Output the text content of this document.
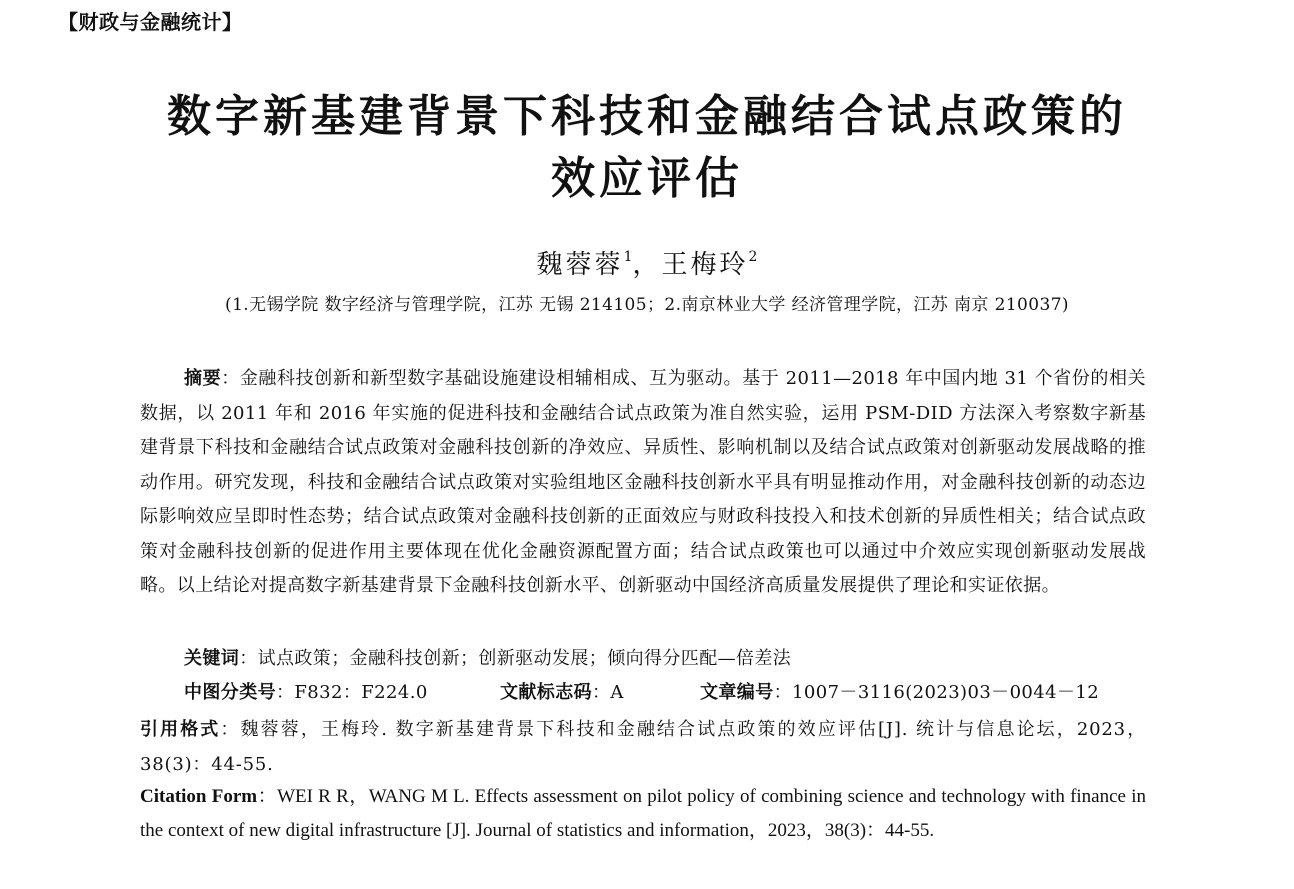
【财政与金融统计】
数字新基建背景下科技和金融结合试点政策的
效应评估
魏蓉蓉$^1$，王梅玲$^2$
(1.无锡学院 数字经济与管理学院，江苏 无锡 214105；2.南京林业大学 经济管理学院，江苏 南京 210037)

摘要：金融科技创新和新型数字基础设施建设相辅相成、互为驱动。基于 2011—2018 年中国内地 31 个省份的相关数据，以 2011 年和 2016 年实施的促进科技和金融结合试点政策为准自然实验，运用 PSM-DID 方法深入考察数字新基建背景下科技和金融结合试点政策对金融科技创新的净效应、异质性、影响机制以及结合试点政策对创新驱动发展战略的推动作用。研究发现，科技和金融结合试点政策对实验组地区金融科技创新水平具有明显推动作用，对金融科技创新的动态边际影响效应呈即时性态势；结合试点政策对金融科技创新的正面效应与财政科技投入和技术创新的异质性相关；结合试点政策对金融科技创新的促进作用主要体现在优化金融资源配置方面；结合试点政策也可以通过中介效应实现创新驱动发展战略。以上结论对提高数字新基建背景下金融科技创新水平、创新驱动中国经济高质量发展提供了理论和实证依据。

关键词：试点政策；金融科技创新；创新驱动发展；倾向得分匹配—倍差法
中图分类号：F832：F224.0	文献标志码：A	文章编号：1007－3116(2023)03－0044－12

引用格式：魏蓉蓉，王梅玲. 数字新基建背景下科技和金融结合试点政策的效应评估[J]. 统计与信息论坛，2023，38(3)：44-55.

Citation Form：WEI R R，WANG M L. Effects assessment on pilot policy of combining science and technology with finance in the context of new digital infrastructure [J]. Journal of statistics and information，2023，38(3)：44-55.
